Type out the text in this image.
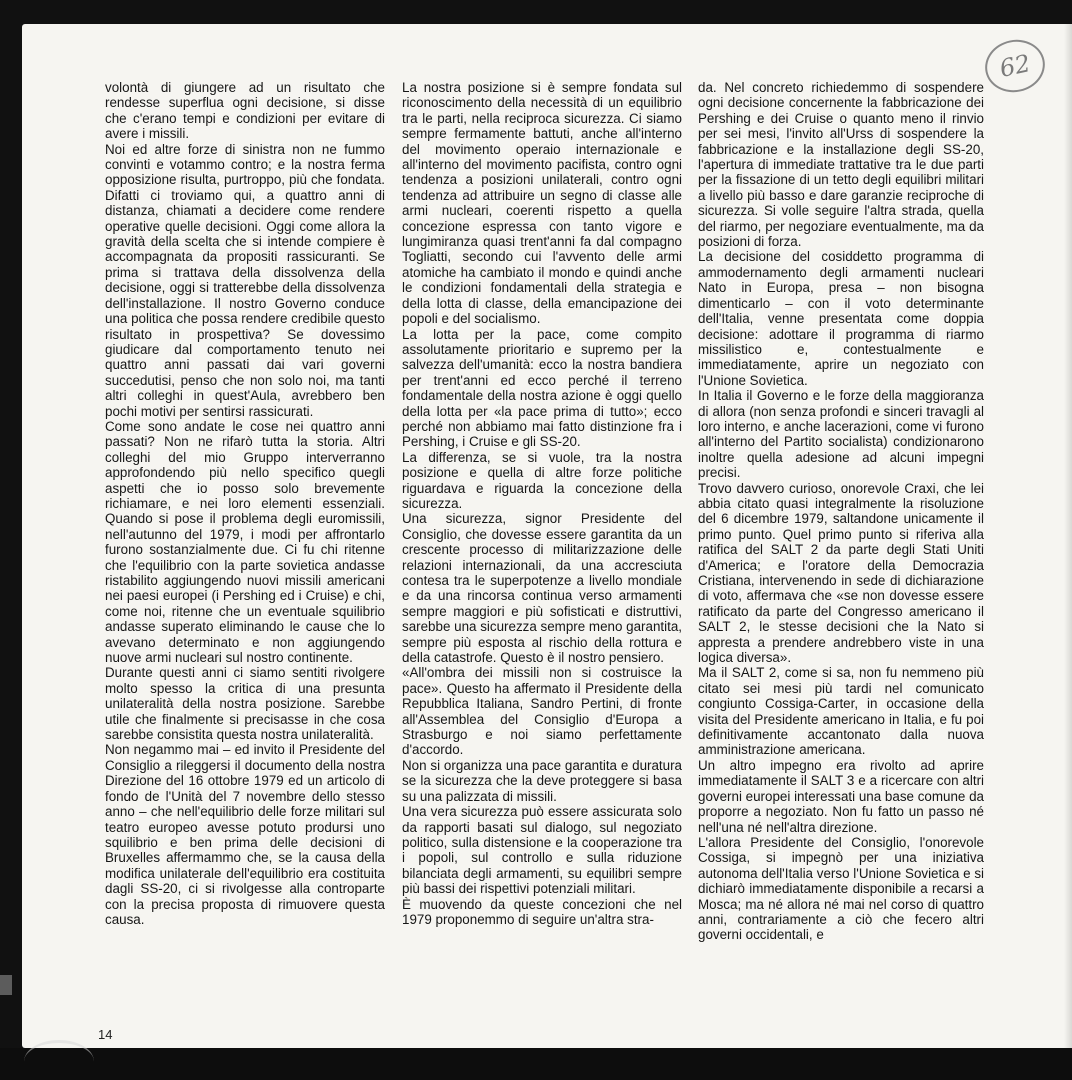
62

volontà di giungere ad un risultato che rendesse superflua ogni decisione, si disse che c'erano tempi e condizioni per evitare di avere i missili.

Noi ed altre forze di sinistra non ne fummo convinti e votammo contro; e la nostra ferma opposizione risulta, purtroppo, più che fondata. Difatti ci troviamo qui, a quattro anni di distanza, chiamati a decidere come rendere operative quelle decisioni. Oggi come allora la gravità della scelta che si intende compiere è accompagnata da propositi rassicuranti. Se prima si trattava della dissolvenza della decisione, oggi si tratterebbe della dissolvenza dell'installazione. Il nostro Governo conduce una politica che possa rendere credibile questo risultato in prospettiva? Se dovessimo giudicare dal comportamento tenuto nei quattro anni passati dai vari governi succedutisi, penso che non solo noi, ma tanti altri colleghi in quest'Aula, avrebbero ben pochi motivi per sentirsi rassicurati.

Come sono andate le cose nei quattro anni passati? Non ne rifarò tutta la storia. Altri colleghi del mio Gruppo interverranno approfondendo più nello specifico quegli aspetti che io posso solo brevemente richiamare, e nei loro elementi essenziali. Quando si pose il problema degli euromissili, nell'autunno del 1979, i modi per affrontarlo furono sostanzialmente due. Ci fu chi ritenne che l'equilibrio con la parte sovietica andasse ristabilito aggiungendo nuovi missili americani nei paesi europei (i Pershing ed i Cruise) e chi, come noi, ritenne che un eventuale squilibrio andasse superato eliminando le cause che lo avevano determinato e non aggiungendo nuove armi nucleari sul nostro continente.

Durante questi anni ci siamo sentiti rivolgere molto spesso la critica di una presunta unilateralità della nostra posizione. Sarebbe utile che finalmente si precisasse in che cosa sarebbe consistita questa nostra unilateralità.

Non negammo mai – ed invito il Presidente del Consiglio a rileggersi il documento della nostra Direzione del 16 ottobre 1979 ed un articolo di fondo de l'Unità del 7 novembre dello stesso anno – che nell'equilibrio delle forze militari sul teatro europeo avesse potuto prodursi uno squilibrio e ben prima delle decisioni di Bruxelles affermammo che, se la causa della modifica unilaterale dell'equilibrio era costituita dagli SS-20, ci si rivolgesse alla controparte con la precisa proposta di rimuovere questa causa.

La nostra posizione si è sempre fondata sul riconoscimento della necessità di un equilibrio tra le parti, nella reciproca sicurezza. Ci siamo sempre fermamente battuti, anche all'interno del movimento operaio internazionale e all'interno del movimento pacifista, contro ogni tendenza a posizioni unilaterali, contro ogni tendenza ad attribuire un segno di classe alle armi nucleari, coerenti rispetto a quella concezione espressa con tanto vigore e lungimiranza quasi trent'anni fa dal compagno Togliatti, secondo cui l'avvento delle armi atomiche ha cambiato il mondo e quindi anche le condizioni fondamentali della strategia e della lotta di classe, della emancipazione dei popoli e del socialismo.

La lotta per la pace, come compito assolutamente prioritario e supremo per la salvezza dell'umanità: ecco la nostra bandiera per trent'anni ed ecco perché il terreno fondamentale della nostra azione è oggi quello della lotta per «la pace prima di tutto»; ecco perché non abbiamo mai fatto distinzione fra i Pershing, i Cruise e gli SS-20.

La differenza, se si vuole, tra la nostra posizione e quella di altre forze politiche riguardava e riguarda la concezione della sicurezza.

Una sicurezza, signor Presidente del Consiglio, che dovesse essere garantita da un crescente processo di militarizzazione delle relazioni internazionali, da una accresciuta contesa tra le superpotenze a livello mondiale e da una rincorsa continua verso armamenti sempre maggiori e più sofisticati e distruttivi, sarebbe una sicurezza sempre meno garantita, sempre più esposta al rischio della rottura e della catastrofe. Questo è il nostro pensiero.

«All'ombra dei missili non si costruisce la pace». Questo ha affermato il Presidente della Repubblica Italiana, Sandro Pertini, di fronte all'Assemblea del Consiglio d'Europa a Strasburgo e noi siamo perfettamente d'accordo.

Non si organizza una pace garantita e duratura se la sicurezza che la deve proteggere si basa su una palizzata di missili.

Una vera sicurezza può essere assicurata solo da rapporti basati sul dialogo, sul negoziato politico, sulla distensione e la cooperazione tra i popoli, sul controllo e sulla riduzione bilanciata degli armamenti, su equilibri sempre più bassi dei rispettivi potenziali militari.

È muovendo da queste concezioni che nel 1979 proponemmo di seguire un'altra stra-

da. Nel concreto richiedemmo di sospendere ogni decisione concernente la fabbricazione dei Pershing e dei Cruise o quanto meno il rinvio per sei mesi, l'invito all'Urss di sospendere la fabbricazione e la installazione degli SS-20, l'apertura di immediate trattative tra le due parti per la fissazione di un tetto degli equilibri militari a livello più basso e dare garanzie reciproche di sicurezza. Si volle seguire l'altra strada, quella del riarmo, per negoziare eventualmente, ma da posizioni di forza.

La decisione del cosiddetto programma di ammodernamento degli armamenti nucleari Nato in Europa, presa – non bisogna dimenticarlo – con il voto determinante dell'Italia, venne presentata come doppia decisione: adottare il programma di riarmo missilistico e, contestualmente e immediatamente, aprire un negoziato con l'Unione Sovietica.

In Italia il Governo e le forze della maggioranza di allora (non senza profondi e sinceri travagli al loro interno, e anche lacerazioni, come vi furono all'interno del Partito socialista) condizionarono inoltre quella adesione ad alcuni impegni precisi.

Trovo davvero curioso, onorevole Craxi, che lei abbia citato quasi integralmente la risoluzione del 6 dicembre 1979, saltandone unicamente il primo punto. Quel primo punto si riferiva alla ratifica del SALT 2 da parte degli Stati Uniti d'America; e l'oratore della Democrazia Cristiana, intervenendo in sede di dichiarazione di voto, affermava che «se non dovesse essere ratificato da parte del Congresso americano il SALT 2, le stesse decisioni che la Nato si appresta a prendere andrebbero viste in una logica diversa».

Ma il SALT 2, come si sa, non fu nemmeno più citato sei mesi più tardi nel comunicato congiunto Cossiga-Carter, in occasione della visita del Presidente americano in Italia, e fu poi definitivamente accantonato dalla nuova amministrazione americana.

Un altro impegno era rivolto ad aprire immediatamente il SALT 3 e a ricercare con altri governi europei interessati una base comune da proporre a negoziato. Non fu fatto un passo né nell'una né nell'altra direzione.

L'allora Presidente del Consiglio, l'onorevole Cossiga, si impegnò per una iniziativa autonoma dell'Italia verso l'Unione Sovietica e si dichiarò immediatamente disponibile a recarsi a Mosca; ma né allora né mai nel corso di quattro anni, contrariamente a ciò che fecero altri governi occidentali, e

14
